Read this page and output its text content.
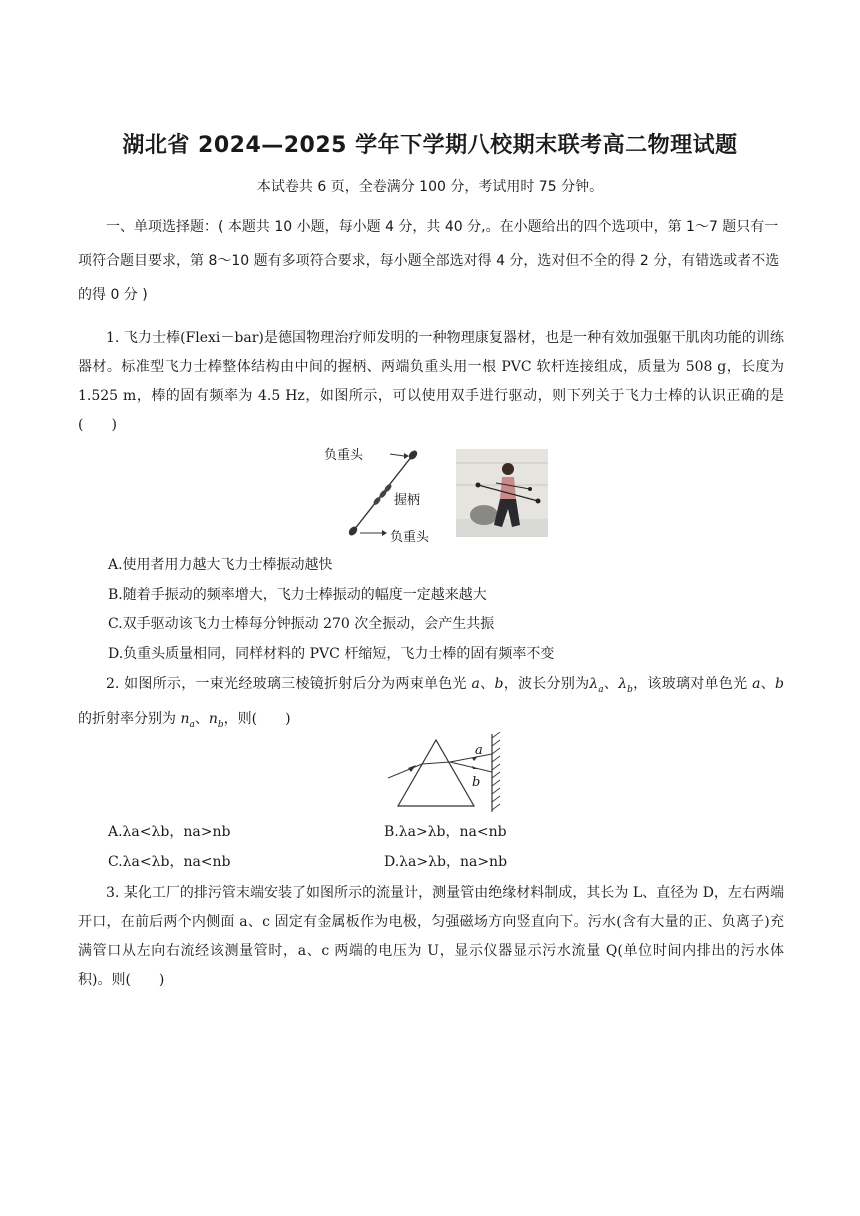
湖北省 2024—2025 学年下学期八校期末联考高二物理试题
本试卷共 6 页，全卷满分 100 分，考试用时 75 分钟。
一、单项选择题：( 本题共 10 小题，每小题 4 分，共 40 分,。在小题给出的四个选项中，第 1～7 题只有一项符合题目要求，第 8～10 题有多项符合要求，每小题全部选对得 4 分，选对但不全的得 2 分，有错选或者不选的得 0 分 )
1. 飞力士棒(Flexi－bar)是德国物理治疗师发明的一种物理康复器材，也是一种有效加强躯干肌肉功能的训练器材。标准型飞力士棒整体结构由中间的握柄、两端负重头用一根 PVC 软杆连接组成，质量为 508 g，长度为 1.525 m，棒的固有频率为 4.5 Hz，如图所示，可以使用双手进行驱动，则下列关于飞力士棒的认识正确的是(　　)
负重头
握柄
负重头
A.使用者用力越大飞力士棒振动越快
B.随着手振动的频率增大，飞力士棒振动的幅度一定越来越大
C.双手驱动该飞力士棒每分钟振动 270 次全振动，会产生共振
D.负重头质量相同，同样材料的 PVC 杆缩短，飞力士棒的固有频率不变
2. 如图所示，一束光经玻璃三棱镜折射后分为两束单色光 a、b，波长分别为$\lambda_a$、$\lambda_b$，该玻璃对单色光 a、b 的折射率分别为 $n_a$、$n_b$，则(　　)
a
b
A.λa<λb，na>nb	B.λa>λb，na<nb
C.λa<λb，na<nb	D.λa>λb，na>nb
3. 某化工厂的排污管末端安装了如图所示的流量计，测量管由绝缘材料制成，其长为 L、直径为 D，左右两端开口，在前后两个内侧面 a、c 固定有金属板作为电极，匀强磁场方向竖直向下。污水(含有大量的正、负离子)充满管口从左向右流经该测量管时，a、c 两端的电压为 U，显示仪器显示污水流量 Q(单位时间内排出的污水体积)。则(　　)
